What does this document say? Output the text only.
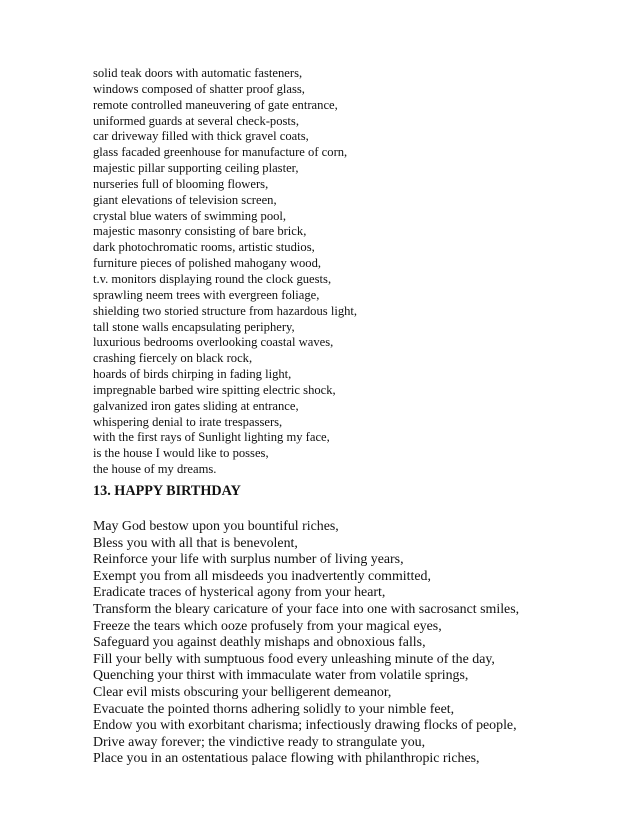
solid teak doors with automatic fasteners,
windows composed of shatter proof glass,
remote controlled maneuvering of gate entrance,
uniformed guards at several check-posts,
car driveway filled with thick gravel coats,
glass facaded greenhouse for manufacture of corn,
majestic pillar supporting ceiling plaster,
nurseries full of blooming flowers,
giant elevations of television screen,
crystal blue waters of swimming pool,
majestic masonry consisting of bare brick,
dark photochromatic rooms, artistic studios,
furniture pieces of polished mahogany wood,
t.v. monitors displaying round the clock guests,
sprawling neem trees with evergreen foliage,
shielding two storied structure from hazardous light,
tall stone walls encapsulating periphery,
luxurious bedrooms overlooking coastal waves,
crashing fiercely on black rock,
hoards of birds chirping in fading light,
impregnable barbed wire spitting electric shock,
galvanized iron gates sliding at entrance,
whispering denial to irate trespassers,
with the first rays of Sunlight lighting my face,
is the house I would like to posses,
the house of my dreams.
13. HAPPY BIRTHDAY
May God bestow upon you bountiful riches,
Bless you with all that is benevolent,
Reinforce your life with surplus number of living years,
Exempt you from all misdeeds you inadvertently committed,
Eradicate traces of hysterical agony from your heart,
Transform the bleary caricature of your face into one with sacrosanct smiles,
Freeze the tears which ooze profusely from your magical eyes,
Safeguard you against deathly mishaps and obnoxious falls,
Fill your belly with sumptuous food every unleashing minute of the day,
Quenching your thirst with immaculate water from volatile springs,
Clear evil mists obscuring your belligerent demeanor,
Evacuate the pointed thorns adhering solidly to your nimble feet,
Endow you with exorbitant charisma; infectiously drawing flocks of people,
Drive away forever; the vindictive ready to strangulate you,
Place you in an ostentatious palace flowing with philanthropic riches,
